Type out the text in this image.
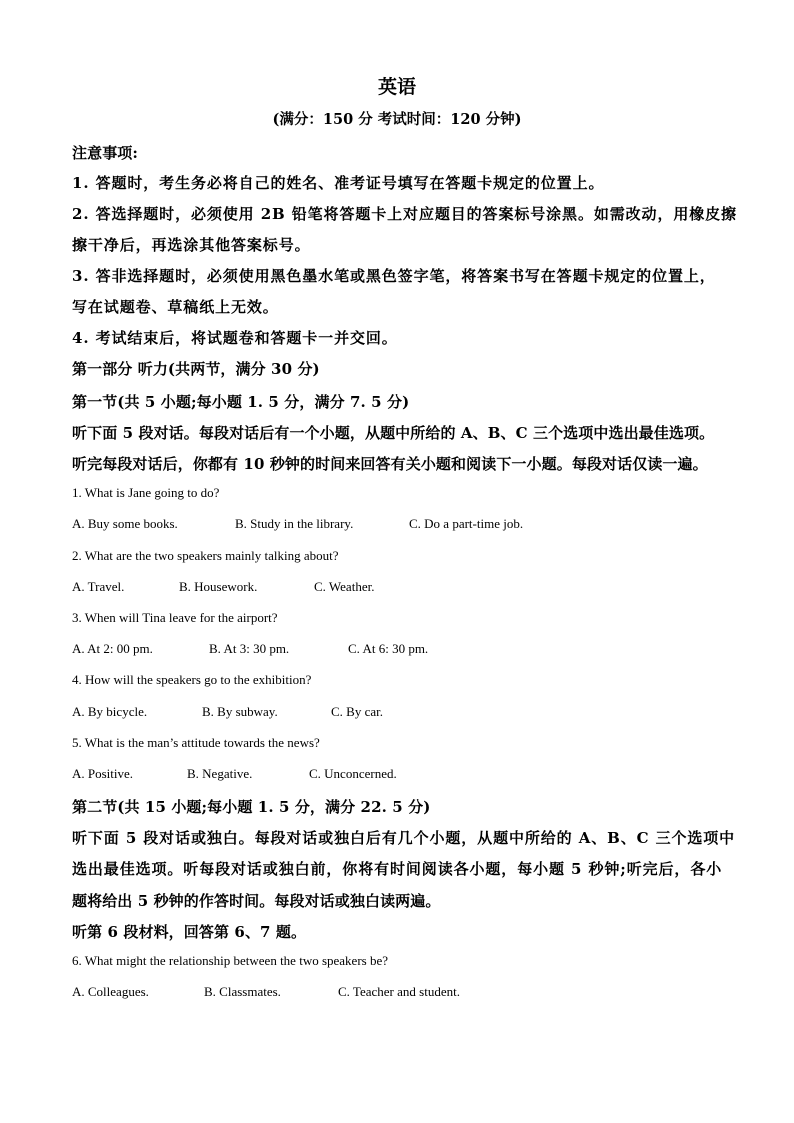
英语
(满分：150 分 考试时间：120 分钟)
注意事项:
1. 答题时，考生务必将自己的姓名、准考证号填写在答题卡规定的位置上。
2. 答选择题时，必须使用 2B 铅笔将答题卡上对应题目的答案标号涂黑。如需改动，用橡皮擦
擦干净后，再选涂其他答案标号。
3. 答非选择题时，必须使用黑色墨水笔或黑色签字笔，将答案书写在答题卡规定的位置上，
写在试题卷、草稿纸上无效。
4. 考试结束后，将试题卷和答题卡一并交回。
第一部分 听力(共两节，满分 30 分)
第一节(共 5 小题;每小题 1. 5 分，满分 7. 5 分)
听下面 5 段对话。每段对话后有一个小题，从题中所给的 A、B、C 三个选项中选出最佳选项。
听完每段对话后，你都有 10 秒钟的时间来回答有关小题和阅读下一小题。每段对话仅读一遍。
1. What is Jane going to do?
A. Buy some books.	B. Study in the library.	C. Do a part-time job.
2. What are the two speakers mainly talking about?
A. Travel.	B. Housework.	C. Weather.
3. When will Tina leave for the airport?
A. At 2: 00 pm.	B. At 3: 30 pm.	C. At 6: 30 pm.
4. How will the speakers go to the exhibition?
A. By bicycle.	B. By subway.	C. By car.
5. What is the man’s attitude towards the news?
A. Positive.	B. Negative.	C. Unconcerned.
第二节(共 15 小题;每小题 1. 5 分，满分 22. 5 分)
听下面 5 段对话或独白。每段对话或独白后有几个小题，从题中所给的 A、B、C 三个选项中
选出最佳选项。听每段对话或独白前，你将有时间阅读各小题，每小题 5 秒钟;听完后，各小
题将给出 5 秒钟的作答时间。每段对话或独白读两遍。
听第 6 段材料，回答第 6、7 题。
6. What might the relationship between the two speakers be?
A. Colleagues.	B. Classmates.	C. Teacher and student.
